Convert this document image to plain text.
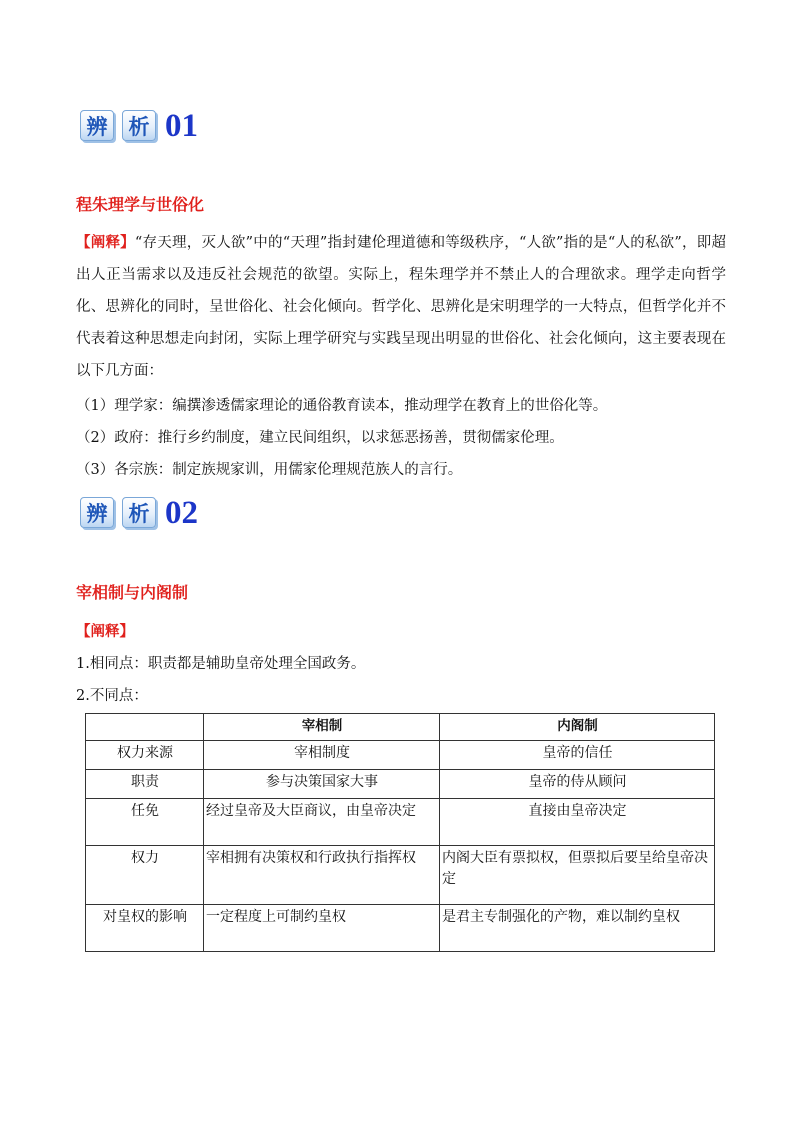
辨	析 01
程朱理学与世俗化
【阐释】“存天理，灭人欲”中的“天理”指封建伦理道德和等级秩序，“人欲”指的是“人的私欲”，即超出人正当需求以及违反社会规范的欲望。实际上，程朱理学并不禁止人的合理欲求。理学走向哲学化、思辨化的同时，呈世俗化、社会化倾向。哲学化、思辨化是宋明理学的一大特点，但哲学化并不代表着这种思想走向封闭，实际上理学研究与实践呈现出明显的世俗化、社会化倾向，这主要表现在以下几方面：
（1）理学家：编撰渗透儒家理论的通俗教育读本，推动理学在教育上的世俗化等。
（2）政府：推行乡约制度，建立民间组织，以求惩恶扬善，贯彻儒家伦理。
（3）各宗族：制定族规家训，用儒家伦理规范族人的言行。
辨	析 02
宰相制与内阁制
【阐释】
1.相同点：职责都是辅助皇帝处理全国政务。
2.不同点：
	宰相制	内阁制
权力来源	宰相制度	皇帝的信任
职责	参与决策国家大事	皇帝的侍从顾问
任免	经过皇帝及大臣商议，由皇帝决定	直接由皇帝决定
权力	宰相拥有决策权和行政执行指挥权	内阁大臣有票拟权，但票拟后要呈给皇帝决定
对皇权的影响	一定程度上可制约皇权	是君主专制强化的产物，难以制约皇权
